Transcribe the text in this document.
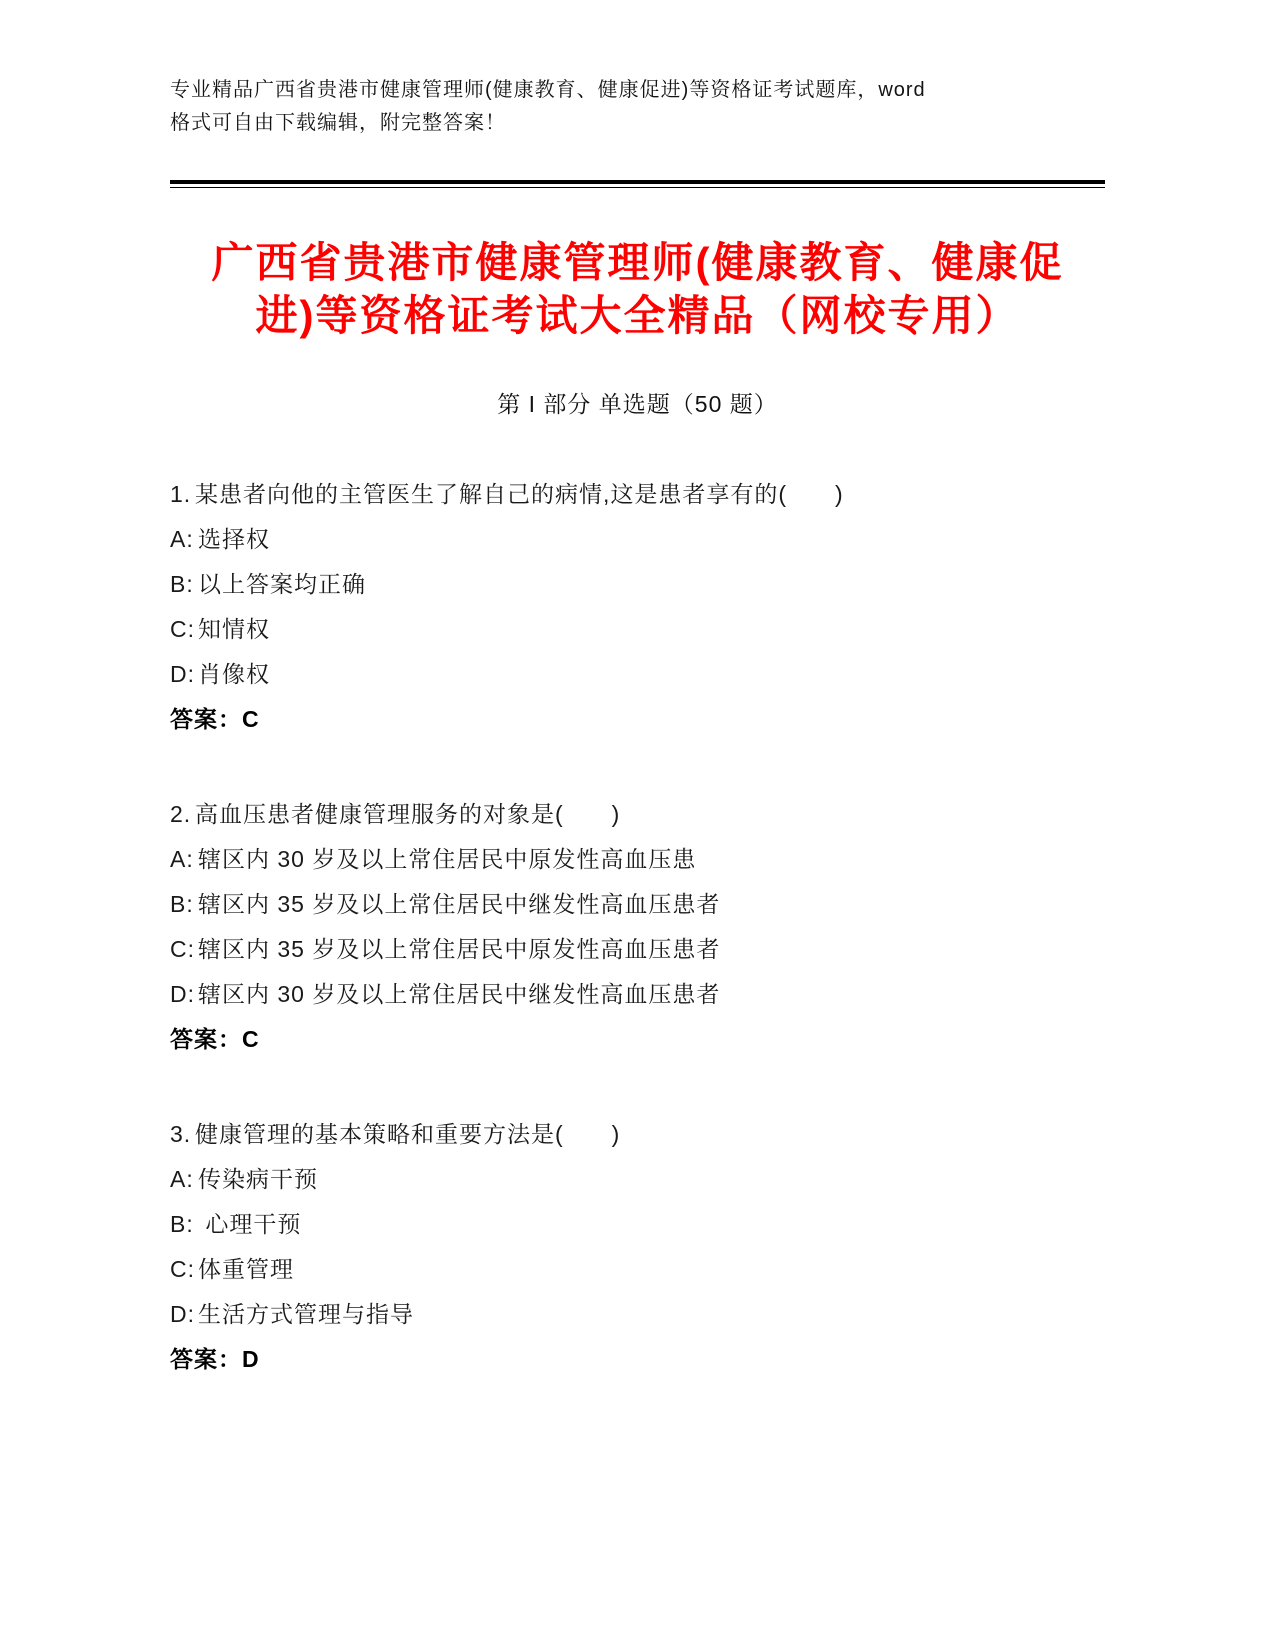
专业精品广西省贵港市健康管理师(健康教育、健康促进)等资格证考试题库，word
格式可自由下载编辑，附完整答案！
广西省贵港市健康管理师(健康教育、健康促
进)等资格证考试大全精品（网校专用）
第 I 部分 单选题（50 题）
1. 某患者向他的主管医生了解自己的病情,这是患者享有的(　　)
A: 选择权
B: 以上答案均正确
C: 知情权
D: 肖像权
答案：C
2. 高血压患者健康管理服务的对象是(　　)
A: 辖区内 30 岁及以上常住居民中原发性高血压患
B: 辖区内 35 岁及以上常住居民中继发性高血压患者
C: 辖区内 35 岁及以上常住居民中原发性高血压患者
D: 辖区内 30 岁及以上常住居民中继发性高血压患者
答案：C
3. 健康管理的基本策略和重要方法是(　　)
A: 传染病干预
B: 心理干预
C: 体重管理
D: 生活方式管理与指导
答案：D
